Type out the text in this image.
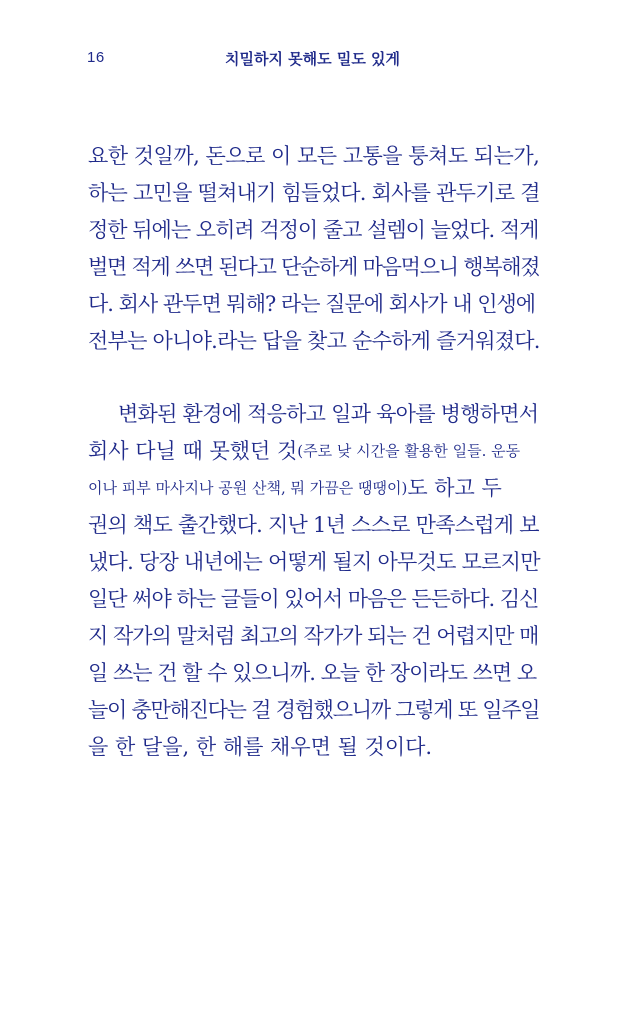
16	치밀하지 못해도 밀도 있게
요한 것일까, 돈으로 이 모든 고통을 퉁쳐도 되는가,
하는 고민을 떨쳐내기 힘들었다. 회사를 관두기로 결
정한 뒤에는 오히려 걱정이 줄고 설렘이 늘었다. 적게
벌면 적게 쓰면 된다고 단순하게 마음먹으니 행복해졌
다. 회사 관두면 뭐해? 라는 질문에 회사가 내 인생에
전부는 아니야.라는 답을 찾고 순수하게 즐거워졌다.
변화된 환경에 적응하고 일과 육아를 병행하면서
회사 다닐 때 못했던 것 (주로 낮 시간을 활용한 일들. 운동
이나 피부 마사지나 공원 산책, 뭐 가끔은 땡땡이) 도 하고 두
권의 책도 출간했다. 지난 1년 스스로 만족스럽게 보
냈다. 당장 내년에는 어떻게 될지 아무것도 모르지만
일단 써야 하는 글들이 있어서 마음은 든든하다. 김신
지 작가의 말처럼 최고의 작가가 되는 건 어렵지만 매
일 쓰는 건 할 수 있으니까. 오늘 한 장이라도 쓰면 오
늘이 충만해진다는 걸 경험했으니까 그렇게 또 일주일
을 한 달을, 한 해를 채우면 될 것이다.
